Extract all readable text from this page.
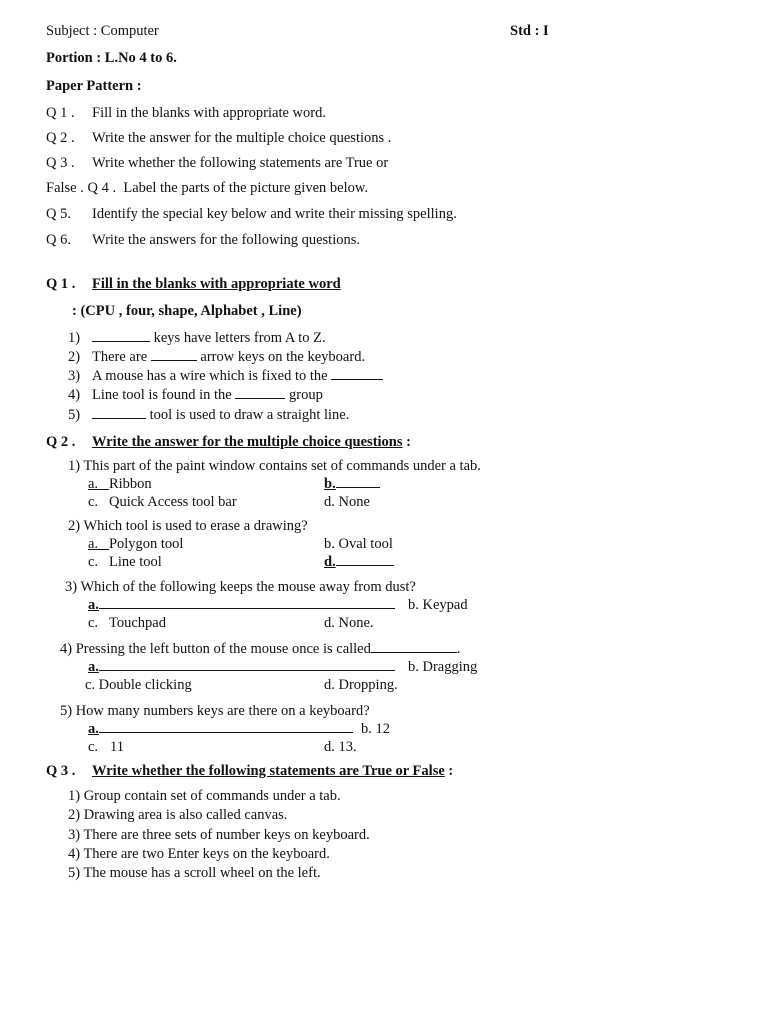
Subject : Computer	Std : I
Portion : L.No 4 to 6.
Paper Pattern :
Q 1 . Fill in the blanks with appropriate word.
Q 2 . Write the answer for the multiple choice questions .
Q 3 . Write whether the following statements are True or
False . Q 4 . Label the parts of the picture given below.
Q 5. Identify the special key below and write their missing spelling.
Q 6. Write the answers for the following questions.
Q 1 . Fill in the blanks with appropriate word
: (CPU , four, shape, Alphabet , Line)
1)	keys have letters from A to Z.
2) There are	arrow keys on the keyboard.
3) A mouse has a wire which is fixed to the
4) Line tool is found in the	group
5)	tool is used to draw a straight line.
Q 2 . Write the answer for the multiple choice questions :
1) This part of the paint window contains set of commands under a tab.
a. Ribbon	b.
c. Quick Access tool bar	d. None
2) Which tool is used to erase a drawing?
a. Polygon tool	b. Oval tool
c. Line tool	d.
3) Which of the following keeps the mouse away from dust?
a.	b. Keypad
c. Touchpad	d. None.
4) Pressing the left button of the mouse once is called	.
a.	b. Dragging
c. Double clicking	d. Dropping.
5) How many numbers keys are there on a keyboard?
a.	b. 12
c. 11	d. 13.
Q 3 . Write whether the following statements are True or False :
1) Group contain set of commands under a tab.
2) Drawing area is also called canvas.
3) There are three sets of number keys on keyboard.
4) There are two Enter keys on the keyboard.
5) The mouse has a scroll wheel on the left.
